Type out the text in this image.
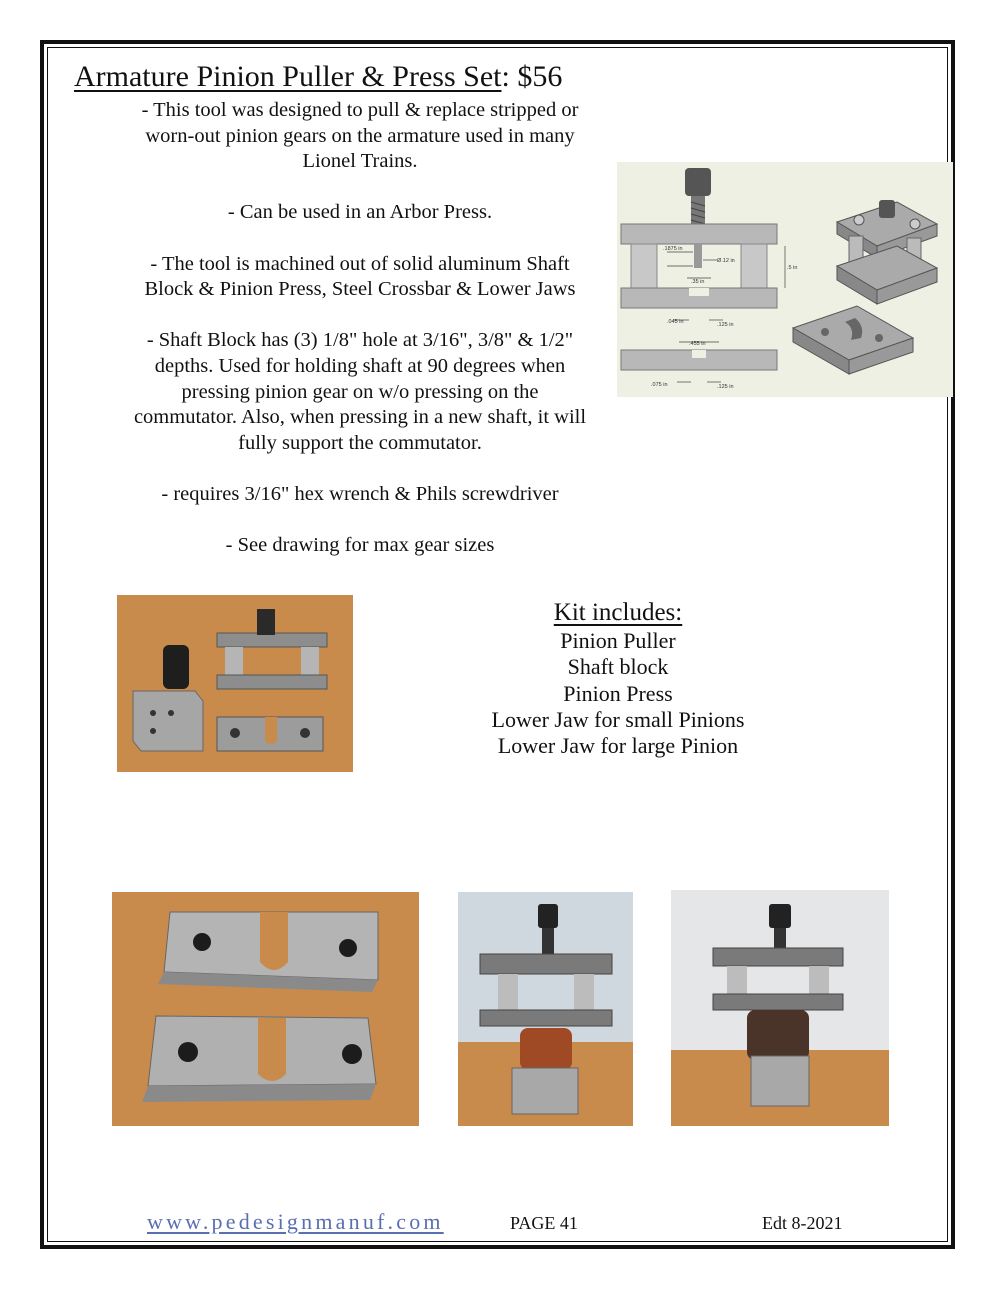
Armature Pinion Puller & Press Set: $56

- This tool was designed to pull & replace stripped or

worn-out pinion gears on the armature used in many

Lionel Trains.

- Can be used in an Arbor Press.

- The tool is machined out of solid aluminum Shaft

Block & Pinion Press, Steel Crossbar & Lower Jaws

- Shaft Block has (3) 1/8" hole at 3/16", 3/8" & 1/2"

depths. Used for holding shaft at 90 degrees when

pressing pinion gear on w/o pressing on the

commutator. Also, when pressing in a new shaft, it will

fully support the commutator.

- requires 3/16" hex wrench & Phils screwdriver

- See drawing for max gear sizes

.1875 in
Ø.12 in
.35 in
.5 in
.045 in	.125 in
.455 in
.075 in	.125 in
Kit includes:
Pinion Puller
Shaft block
Pinion Press
Lower Jaw for small Pinions
Lower Jaw for large Pinion
www.pedesignmanuf.com	PAGE 41	Edt 8-2021
